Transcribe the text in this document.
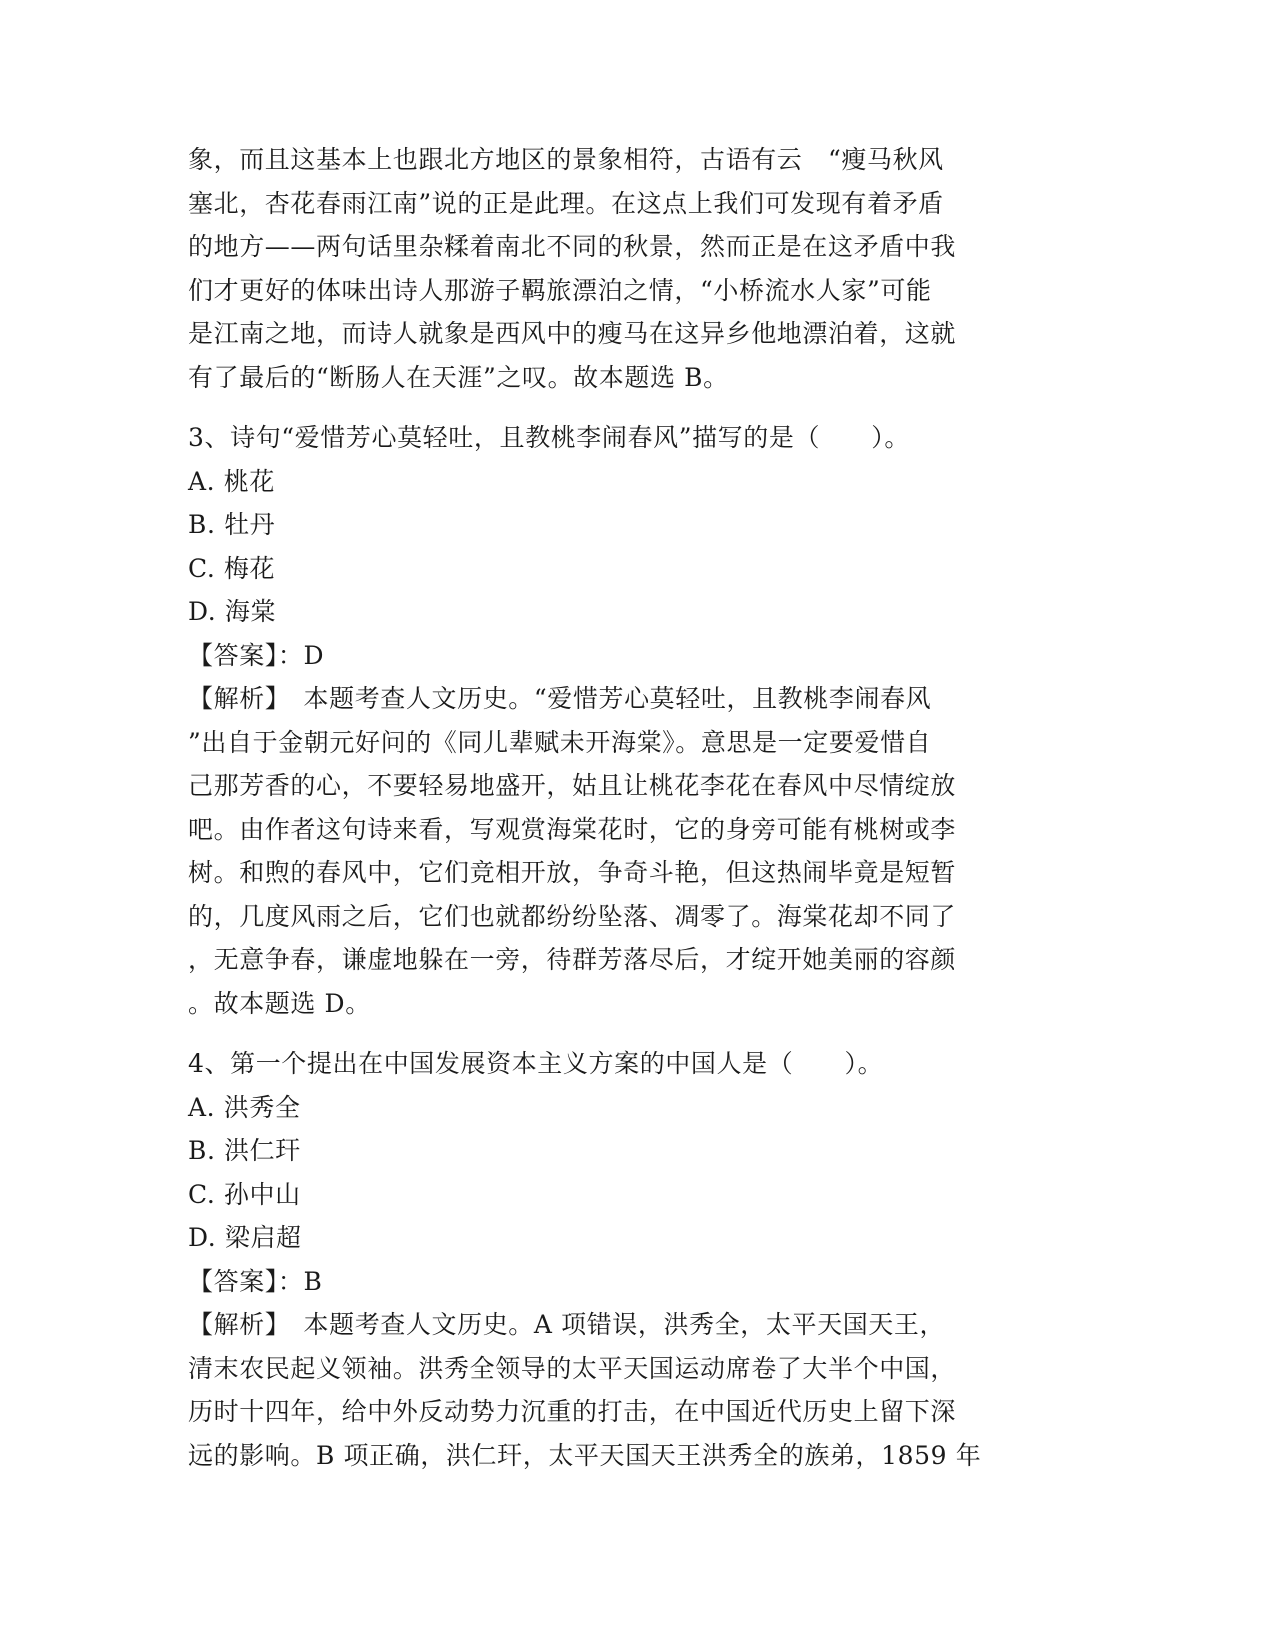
象，而且这基本上也跟北方地区的景象相符，古语有云　“瘦马秋风
塞北，杏花春雨江南”说的正是此理。在这点上我们可发现有着矛盾
的地方——两句话里杂糅着南北不同的秋景，然而正是在这矛盾中我
们才更好的体味出诗人那游子羁旅漂泊之情，“小桥流水人家”可能
是江南之地，而诗人就象是西风中的瘦马在这异乡他地漂泊着，这就
有了最后的“断肠人在天涯”之叹。故本题选 B。
3、诗句“爱惜芳心莫轻吐，且教桃李闹春风”描写的是（　　）。
A. 桃花
B. 牡丹
C. 梅花
D. 海棠
【答案】：D
【解析】　本题考查人文历史。“爱惜芳心莫轻吐，且教桃李闹春风
”出自于金朝元好问的《同儿辈赋未开海棠》。意思是一定要爱惜自
己那芳香的心，不要轻易地盛开，姑且让桃花李花在春风中尽情绽放
吧。由作者这句诗来看，写观赏海棠花时，它的身旁可能有桃树或李
树。和煦的春风中，它们竞相开放，争奇斗艳，但这热闹毕竟是短暂
的，几度风雨之后，它们也就都纷纷坠落、凋零了。海棠花却不同了
，无意争春，谦虚地躲在一旁，待群芳落尽后，才绽开她美丽的容颜
。故本题选 D。
4、第一个提出在中国发展资本主义方案的中国人是（　　）。
A. 洪秀全
B. 洪仁玕
C. 孙中山
D. 梁启超
【答案】：B
【解析】　本题考查人文历史。A 项错误，洪秀全，太平天国天王，
清末农民起义领袖。洪秀全领导的太平天国运动席卷了大半个中国，
历时十四年，给中外反动势力沉重的打击，在中国近代历史上留下深
远的影响。B 项正确，洪仁玕，太平天国天王洪秀全的族弟，1859 年
